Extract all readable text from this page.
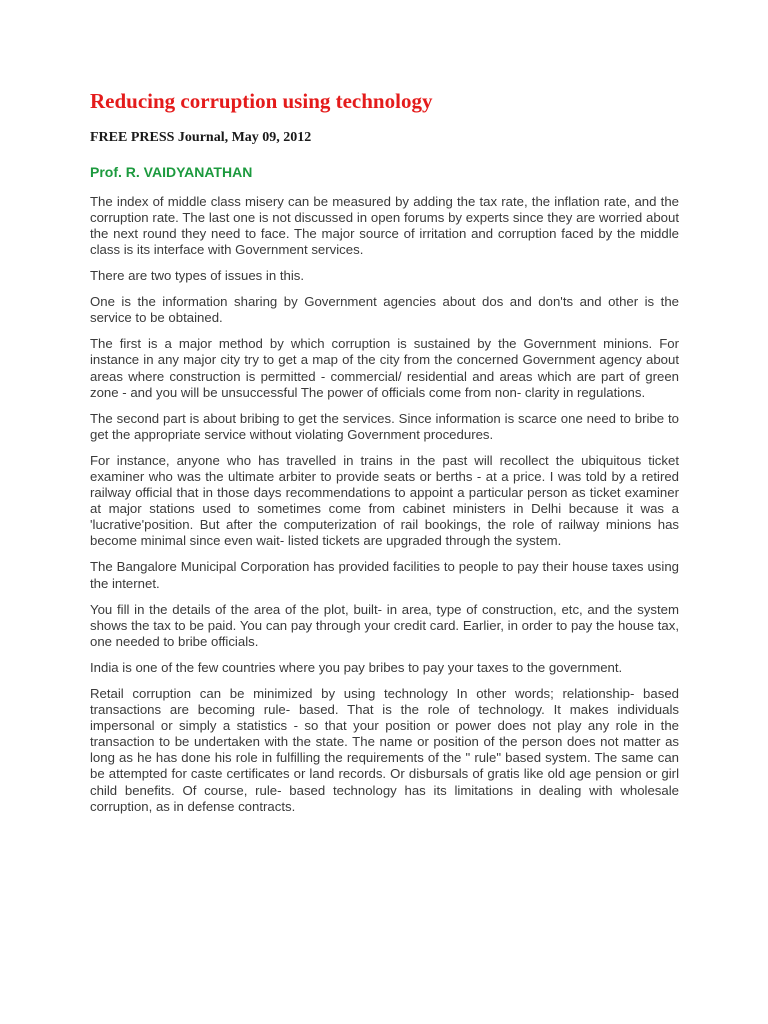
Reducing corruption using technology
FREE PRESS Journal, May 09, 2012
Prof. R. VAIDYANATHAN

The index of middle class misery can be measured by adding the tax rate, the inflation rate, and the corruption rate. The last one is not discussed in open forums by experts since they are worried about the next round they need to face. The major source of irritation and corruption faced by the middle class is its interface with Government services.

There are two types of issues in this.

One is the information sharing by Government agencies about dos and don'ts and other is the service to be obtained.

The first is a major method by which corruption is sustained by the Government minions. For instance in any major city try to get a map of the city from the concerned Government agency about areas where construction is permitted - commercial/ residential and areas which are part of green zone - and you will be unsuccessful The power of officials come from non- clarity in regulations.

The second part is about bribing to get the services. Since information is scarce one need to bribe to get the appropriate service without violating Government procedures.

For instance, anyone who has travelled in trains in the past will recollect the ubiquitous ticket examiner who was the ultimate arbiter to provide seats or berths - at a price. I was told by a retired railway official that in those days recommendations to appoint a particular person as ticket examiner at major stations used to sometimes come from cabinet ministers in Delhi because it was a 'lucrative'position. But after the computerization of rail bookings, the role of railway minions has become minimal since even wait- listed tickets are upgraded through the system.

The Bangalore Municipal Corporation has provided facilities to people to pay their house taxes using the internet.

You fill in the details of the area of the plot, built- in area, type of construction, etc, and the system shows the tax to be paid. You can pay through your credit card. Earlier, in order to pay the house tax, one needed to bribe officials.

India is one of the few countries where you pay bribes to pay your taxes to the government.

Retail corruption can be minimized by using technology In other words; relationship- based transactions are becoming rule- based. That is the role of technology. It makes individuals impersonal or simply a statistics - so that your position or power does not play any role in the transaction to be undertaken with the state. The name or position of the person does not matter as long as he has done his role in fulfilling the requirements of the " rule" based system. The same can be attempted for caste certificates or land records. Or disbursals of gratis like old age pension or girl child benefits. Of course, rule- based technology has its limitations in dealing with wholesale corruption, as in defense contracts.
